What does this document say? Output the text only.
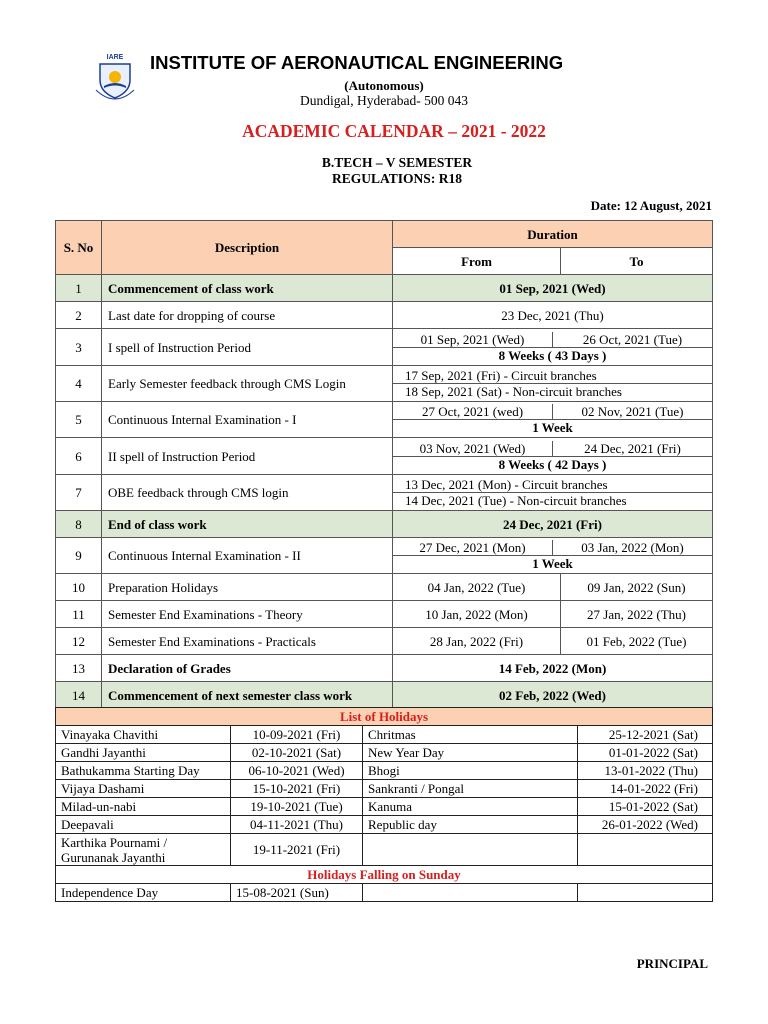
IARE INSTITUTE OF AERONAUTICAL ENGINEERING
(Autonomous)
Dundigal, Hyderabad- 500 043
ACADEMIC CALENDAR – 2021 - 2022
B.TECH – V SEMESTER
REGULATIONS: R18
Date: 12 August, 2021
S. No	Description	Duration	
		From	To
1	Commencement of class work	01 Sep, 2021 (Wed)	
2	Last date for dropping of course	23 Dec, 2021 (Thu)	
3	I spell of Instruction Period	01 Sep, 2021 (Wed) 26 Oct, 2021 (Tue)
8 Weeks ( 43 Days )	

4	Early Semester feedback through CMS Login	17 Sep, 2021 (Fri) - Circuit branches
18 Sep, 2021 (Sat) - Non-circuit branches	

5	Continuous Internal Examination - I	27 Oct, 2021 (wed) 02 Nov, 2021 (Tue)
1 Week	

6	II spell of Instruction Period	03 Nov, 2021 (Wed) 24 Dec, 2021 (Fri)
8 Weeks ( 42 Days )	

7	OBE feedback through CMS login	13 Dec, 2021 (Mon) - Circuit branches
14 Dec, 2021 (Tue) - Non-circuit branches	

8	End of class work	24 Dec, 2021 (Fri)	
9	Continuous Internal Examination - II	27 Dec, 2021 (Mon) 03 Jan, 2022 (Mon)
1 Week	

10	Preparation Holidays	04 Jan, 2022 (Tue)	09 Jan, 2022 (Sun)
11	Semester End Examinations - Theory	10 Jan, 2022 (Mon)	27 Jan, 2022 (Thu)
12	Semester End Examinations - Practicals	28 Jan, 2022 (Fri)	01 Feb, 2022 (Tue)
13	Declaration of Grades	14 Feb, 2022 (Mon)	
14	Commencement of next semester class work	02 Feb, 2022 (Wed)	
List of Holidays			
Vinayaka Chavithi	10-09-2021 (Fri)	Chritmas	25-12-2021 (Sat)
Gandhi Jayanthi	02-10-2021 (Sat)	New Year Day	01-01-2022 (Sat)
Bathukamma Starting Day	06-10-2021 (Wed)	Bhogi	13-01-2022 (Thu)
Vijaya Dashami	15-10-2021 (Fri)	Sankranti / Pongal	14-01-2022 (Fri)
Milad-un-nabi	19-10-2021 (Tue)	Kanuma	15-01-2022 (Sat)
Deepavali	04-11-2021 (Thu)	Republic day	26-01-2022 (Wed)

Karthika Pournami /
Gurunanak Jayanthi	19-11-2021 (Fri)		
Holidays Falling on Sunday			
Independence Day	15-08-2021 (Sun)		
PRINCIPAL
